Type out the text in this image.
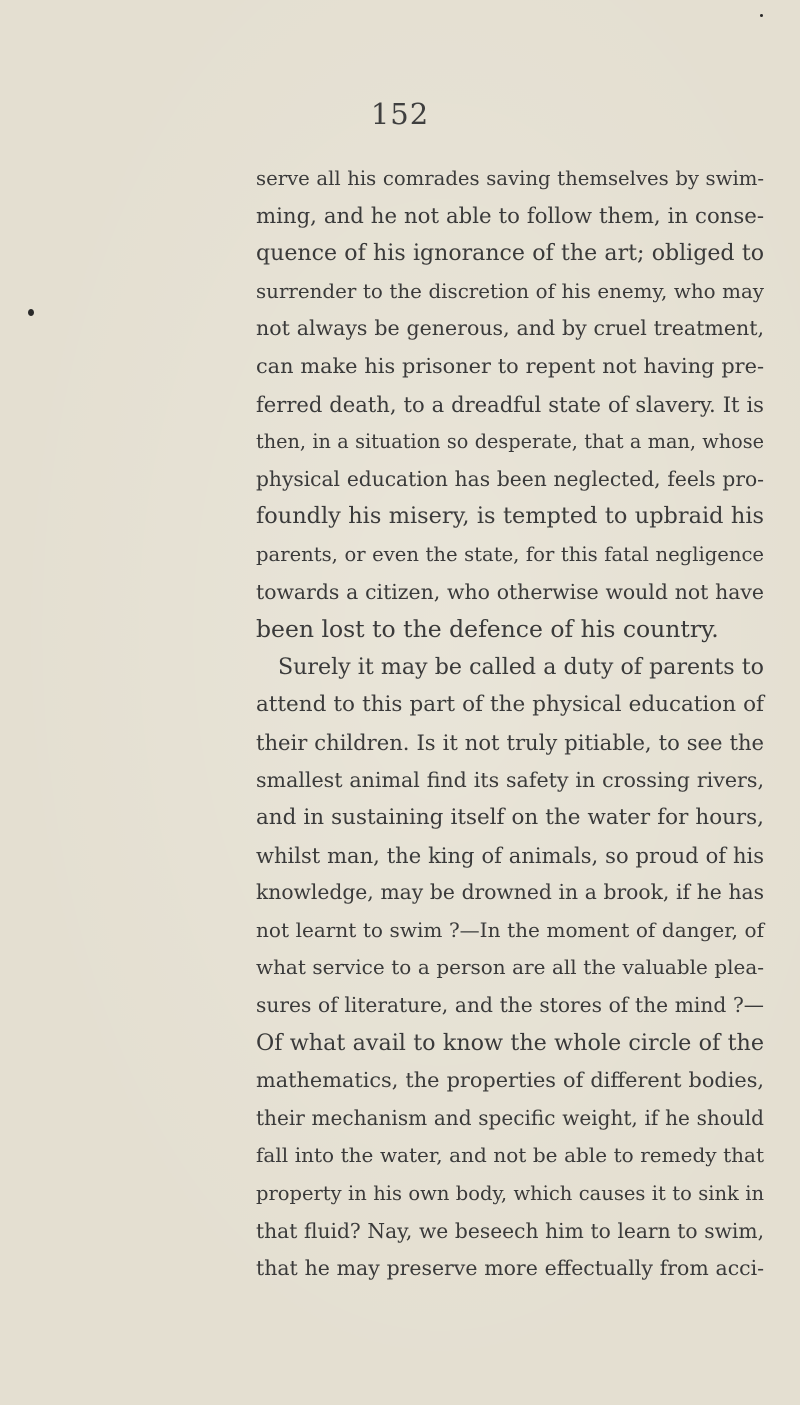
152
serve all his comrades saving themselves by swim-
ming, and he not able to follow them, in conse-
quence of his ignorance of the art; obliged to
surrender to the discretion of his enemy, who may
not always be generous, and by cruel treatment,
can make his prisoner to repent not having pre-
ferred death, to a dreadful state of slavery. It is
then, in a situation so desperate, that a man, whose
physical education has been neglected, feels pro-
foundly his misery, is tempted to upbraid his
parents, or even the state, for this fatal negligence
towards a citizen, who otherwise would not have
been lost to the defence of his country.
Surely it may be called a duty of parents to
attend to this part of the physical education of
their children. Is it not truly pitiable, to see the
smallest animal find its safety in crossing rivers,
and in sustaining itself on the water for hours,
whilst man, the king of animals, so proud of his
knowledge, may be drowned in a brook, if he has
not learnt to swim ?—In the moment of danger, of
what service to a person are all the valuable plea-
sures of literature, and the stores of the mind ?—
Of what avail to know the whole circle of the
mathematics, the properties of different bodies,
their mechanism and specific weight, if he should
fall into the water, and not be able to remedy that
property in his own body, which causes it to sink in
that fluid? Nay, we beseech him to learn to swim,
that he may preserve more effectually from acci-
